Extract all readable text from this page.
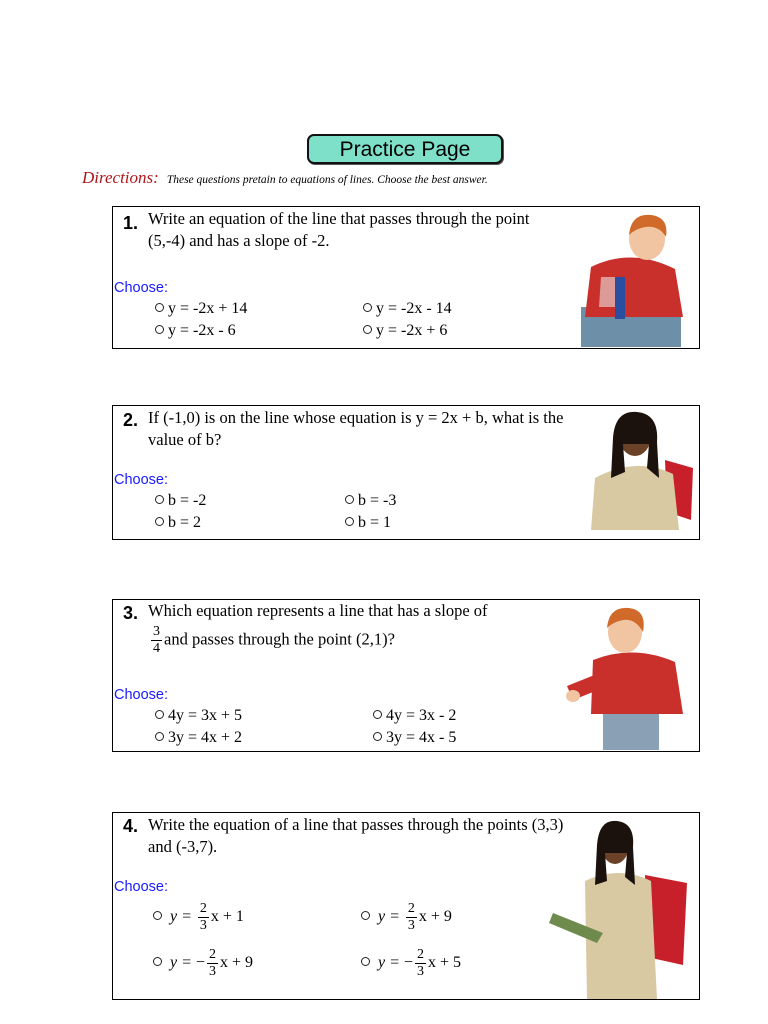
Practice Page
Directions: These questions pretain to equations of lines. Choose the best answer.
1. Write an equation of the line that passes through the point (5,-4) and has a slope of -2.
Choose:
y = -2x + 14	y = -2x - 14
y = -2x - 6	y = -2x + 6
2. If (-1,0) is on the line whose equation is y = 2x + b, what is the value of b?
Choose:
b = -2	b = -3
b = 2	b = 1
3. Which equation represents a line that has a slope of
$\frac{3}{4}$ and passes through the point (2,1)?
Choose:
4y = 3x + 5	4y = 3x - 2
3y = 4x + 2	3y = 4x - 5
4. Write the equation of a line that passes through the points (3,3) and (-3,7).
Choose:
$y = \frac{2}{3}$ x + 1	$y = \frac{2}{3}$ x + 9
y = − $\frac{2}{3}$ x + 9	y = − $\frac{2}{3}$ x + 5
